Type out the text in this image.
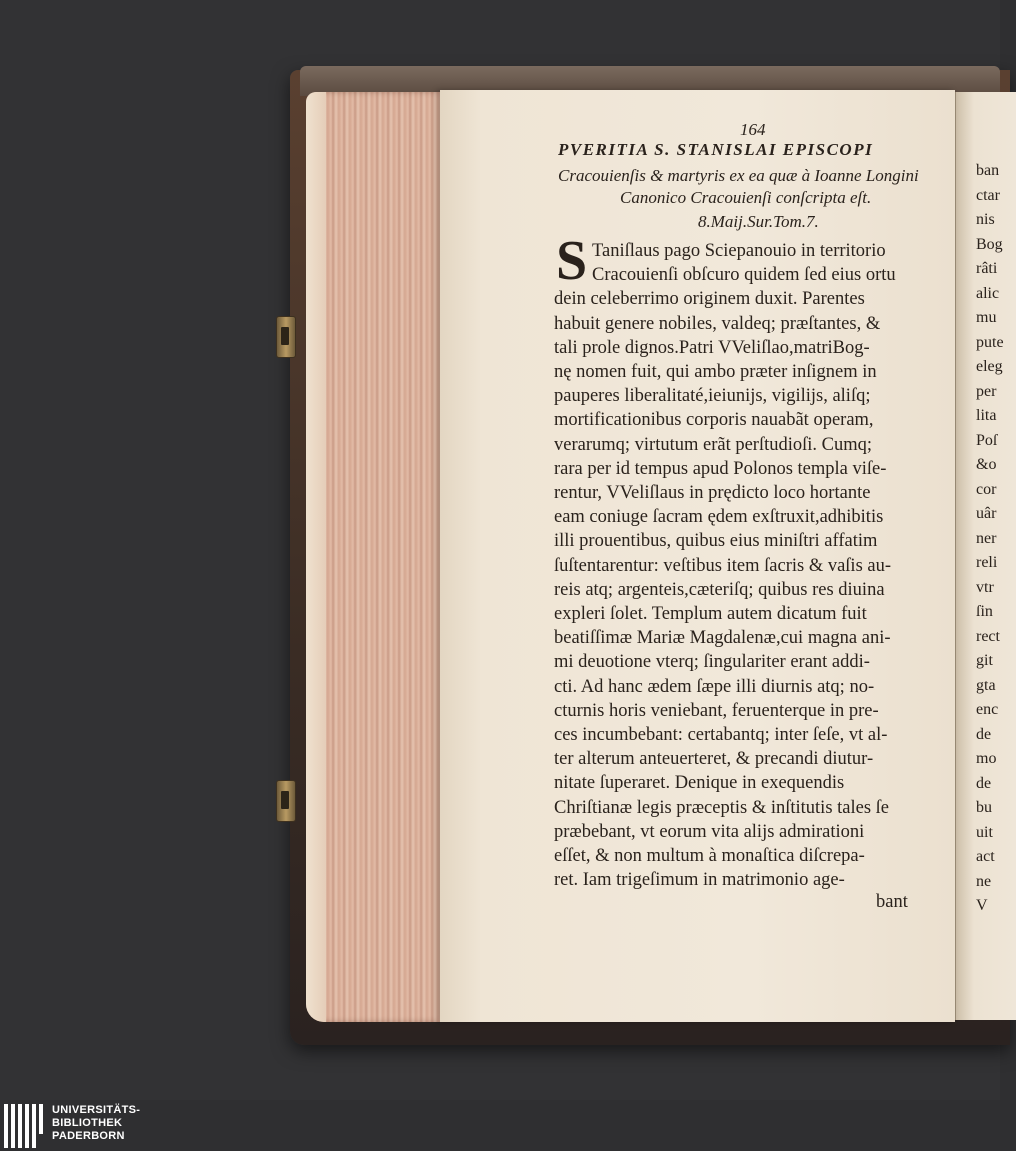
ban
ctar
nis
Bog
râti
alic
mu
pute
eleg
per
lita
Poſ
&o
cor
uâr
ner
reli
vtr
ſin
rect
git
gta
enc
de
mo
de
bu
uit
act
ne
V
164
PVERITIA S. STANISLAI EPISCOPI
Cracouienſis & martyris ex ea quæ à Ioanne Longini
Canonico Cracouienſi conſcripta eſt.
8.Maij.Sur.Tom.7.
S Taniſlaus pago Sciepanouio in territorio
Cracouienſi obſcuro quidem ſed eius ortu
dein celeberrimo originem duxit. Parentes
habuit genere nobiles, valdeq; præſtantes, &
tali prole dignos.Patri VVeliſlao,matriBog-
nę nomen fuit, qui ambo præter inſignem in
pauperes liberalitaté,ieiunijs, vigilijs, aliſq;
mortificationibus corporis nauabãt operam,
verarumq; virtutum erãt perſtudioſi. Cumq;
rara per id tempus apud Polonos templa viſe-
rentur, VVeliſlaus in prędicto loco hortante
eam coniuge ſacram ędem exſtruxit,adhibitis
illi prouentibus, quibus eius miniſtri affatim
ſuſtentarentur: veſtibus item ſacris & vaſis au-
reis atq; argenteis,cæteriſq; quibus res diuina
expleri ſolet. Templum autem dicatum fuit
beatiſſimæ Mariæ Magdalenæ,cui magna ani-
mi deuotione vterq; ſingulariter erant addi-
cti. Ad hanc ædem ſæpe illi diurnis atq; no-
cturnis horis veniebant, feruenterque in pre-
ces incumbebant: certabantq; inter ſeſe, vt al-
ter alterum anteuerteret, & precandi diutur-
nitate ſuperaret. Denique in exequendis
Chriſtianæ legis præceptis & inſtitutis tales ſe
præbebant, vt eorum vita alijs admirationi
eſſet, & non multum à monaſtica diſcrepa-
ret. Iam trigeſimum in matrimonio age-
bant
UNIVERSITÄTS-
BIBLIOTHEK
PADERBORN
